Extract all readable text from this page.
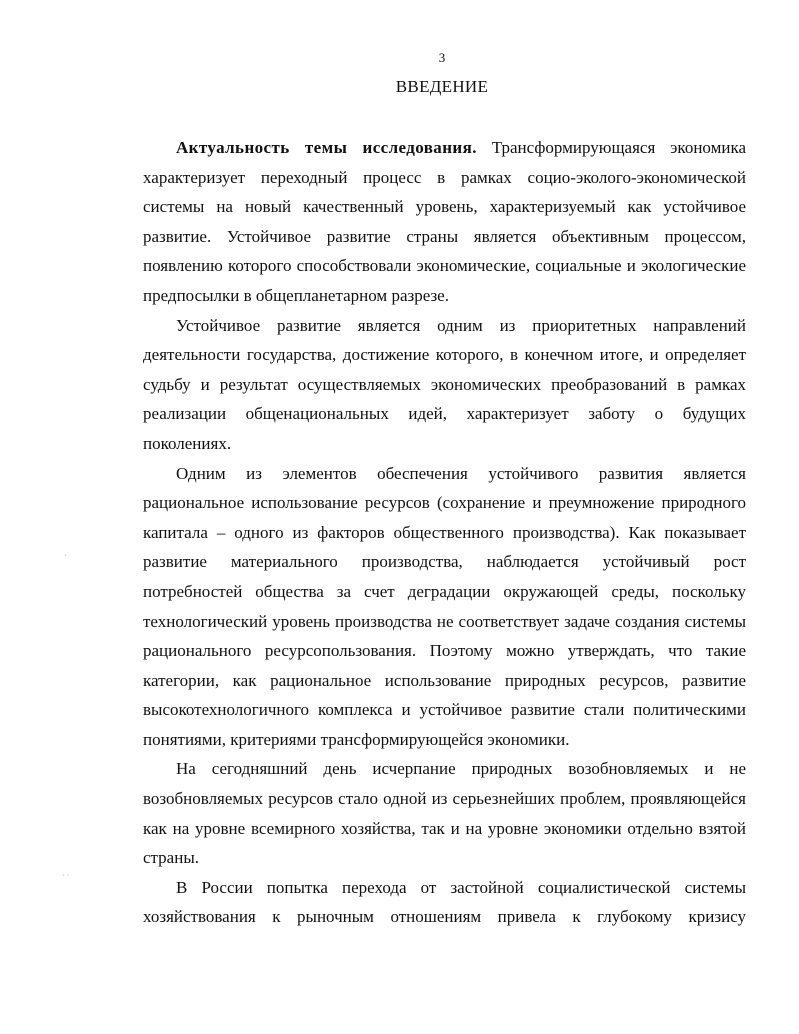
3
ВВЕДЕНИЕ

Актуальность темы исследования. Трансформирующаяся экономика характеризует переходный процесс в рамках социо-эколого-экономической системы на новый качественный уровень, характеризуемый как устойчивое развитие. Устойчивое развитие страны является объективным процессом, появлению которого способствовали экономические, социальные и экологические предпосылки в общепланетарном разрезе.

Устойчивое развитие является одним из приоритетных направлений деятельности государства, достижение которого, в конечном итоге, и определяет судьбу и результат осуществляемых экономических преобразований в рамках реализации общенациональных идей, характеризует заботу о будущих поколениях.

Одним из элементов обеспечения устойчивого развития является рациональное использование ресурсов (сохранение и преумножение природного капитала – одного из факторов общественного производства). Как показывает развитие материального производства, наблюдается устойчивый рост потребностей общества за счет деградации окружающей среды, поскольку технологический уровень производства не соответствует задаче создания системы рационального ресурсопользования. Поэтому можно утверждать, что такие категории, как рациональное использование природных ресурсов, развитие высокотехнологичного комплекса и устойчивое развитие стали политическими понятиями, критериями трансформирующейся экономики.

На сегодняшний день исчерпание природных возобновляемых и не возобновляемых ресурсов стало одной из серьезнейших проблем, проявляющейся как на уровне всемирного хозяйства, так и на уровне экономики отдельно взятой страны.

В России попытка перехода от застойной социалистической системы хозяйствования к рыночным отношениям привела к глубокому кризису

·
· ·
